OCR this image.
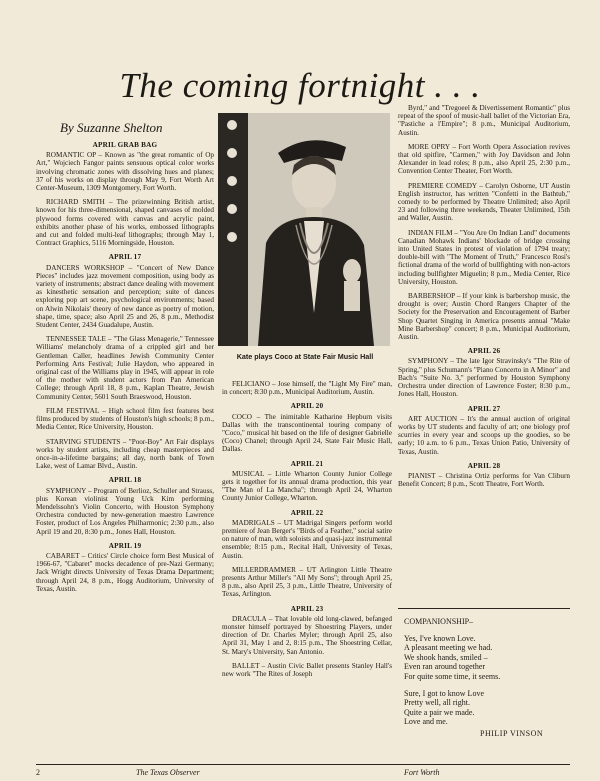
The coming fortnight . . .
By Suzanne Shelton
APRIL GRAB BAG
ROMANTIC OP – Known as "the great romantic of Op Art," Wojciech Fangor paints sensuous optical color works involving chromatic zones with dissolving hues and planes; 37 of his works on display through May 9, Fort Worth Art Center-Museum, 1309 Montgomery, Fort Worth.
RICHARD SMITH – The prizewinning British artist, known for his three-dimensional, shaped canvases of molded plywood forms covered with canvas and acrylic paint, exhibits another phase of his works, embossed lithographs and cut and folded multi-leaf lithographs; through May 1, Contract Graphics, 5116 Morningside, Houston.
APRIL 17
DANCERS WORKSHOP – "Concert of New Dance Pieces" includes jazz movement composition, using body as variety of instruments; abstract dance dealing with movement as kinesthetic sensation and perception; suite of dances exploring pop art scene, psychological environments; based on Alwin Nikolais' theory of new dance as poetry of motion, shape, time, space; also April 25 and 26, 8 p.m., Methodist Student Center, 2434 Guadalupe, Austin.
TENNESSEE TALE – "The Glass Menagerie," Tennessee Williams' melancholy drama of a crippled girl and her Gentleman Caller, headlines Jewish Community Center Performing Arts Festival; Julie Haydon, who appeared in original cast of the Williams play in 1945, will appear in role of the mother with student actors from Pan American College; through April 18, 8 p.m., Kaplan Theatre, Jewish Community Center, 5601 South Braeswood, Houston.
FILM FESTIVAL – High school film fest features best films produced by students of Houston's high schools; 8 p.m., Media Center, Rice University, Houston.
STARVING STUDENTS – "Poor-Boy" Art Fair displays works by student artists, including cheap masterpieces and once-in-a-lifetime bargains; all day, north bank of Town Lake, west of Lamar Blvd., Austin.
APRIL 18
SYMPHONY – Program of Berlioz, Schuller and Strauss, plus Korean violinist Young Uck Kim performing Mendelssohn's Violin Concerto, with Houston Symphony Orchestra conducted by new-generation maestro Lawrence Foster, product of Los Angeles Philharmonic; 2:30 p.m., also April 19 and 20, 8:30 p.m., Jones Hall, Houston.
APRIL 19
CABARET – Critics' Circle choice form Best Musical of 1966-67, "Cabaret" mocks decadence of pre-Nazi Germany; Jack Wright directs University of Texas Drama Department; through April 24, 8 p.m., Hogg Auditorium, University of Texas, Austin.
Kate plays Coco at State Fair Music Hall
FELICIANO – Jose himself, the "Light My Fire" man, in concert; 8:30 p.m., Municipal Auditorium, Austin.
APRIL 20
COCO – The inimitable Katharine Hepburn visits Dallas with the transcontinental touring company of "Coco," musical hit based on the life of designer Gabrielle (Coco) Chanel; through April 24, State Fair Music Hall, Dallas.
APRIL 21
MUSICAL – Little Wharton County Junior College gets it together for its annual drama production, this year "The Man of La Mancha"; through April 24, Wharton County Junior College, Wharton.
APRIL 22
MADRIGALS – UT Madrigal Singers perform world premiere of Jean Berger's "Birds of a Feather," social satire on nature of man, with soloists and quasi-jazz instrumental ensemble; 8:15 p.m., Recital Hall, University of Texas, Austin.
MILLERDRAMMER – UT Arlington Little Theatre presents Arthur Miller's "All My Sons"; through April 25, 8 p.m., also April 25, 3 p.m., Little Theatre, University of Texas, Arlington.
APRIL 23
DRACULA – That lovable old long-clawed, befanged monster himself portrayed by Shoestring Players, under direction of Dr. Charles Myler; through April 25, also April 31, May 1 and 2, 8:15 p.m., The Shoestring Cellar, St. Mary's University, San Antonio.
BALLET – Austin Civic Ballet presents Stanley Hall's new work "The Rites of Joseph
Byrd," and "Tregoeel & Divertissement Romantic" plus repeat of the spoof of music-hall ballet of the Victorian Era, "Pastiche a l'Empire"; 8 p.m., Municipal Auditorium, Austin.
MORE OPRY – Fort Worth Opera Association revives that old spitfire, "Carmen," with Joy Davidson and John Alexander in lead roles; 8 p.m., also April 25, 2:30 p.m., Convention Center Theater, Fort Worth.
PREMIERE COMEDY – Carolyn Osborne, UT Austin English instructor, has written "Confetti in the Bathtub," comedy to be performed by Theatre Unlimited; also April 23 and following three weekends, Theater Unlimited, 15th and Waller, Austin.
INDIAN FILM – "You Are On Indian Land" documents Canadian Mohawk Indians' blockade of bridge crossing into United States in protest of violation of 1794 treaty; double-bill with "The Moment of Truth," Francesco Rosi's fictional drama of the world of bullfighting with non-actors including bullfighter Miguelin; 8 p.m., Media Center, Rice University, Houston.
BARBERSHOP – If your kink is barbershop music, the drought is over; Austin Chord Rangers Chapter of the Society for the Preservation and Encouragement of Barber Shop Quartet Singing in America presents annual "Make Mine Barbershop" concert; 8 p.m., Municipal Auditorium, Austin.
APRIL 26
SYMPHONY – The late Igor Stravinsky's "The Rite of Spring," plus Schumann's "Piano Concerto in A Minor" and Bach's "Suite No. 3," performed by Houston Symphony Orchestra under direction of Lawrence Foster; 8:30 p.m., Jones Hall, Houston.
APRIL 27
ART AUCTION – It's the annual auction of original works by UT students and faculty of art; one biology prof scurries in every year and scoops up the goodies, so be early; 10 a.m. to 6 p.m., Texas Union Patio, University of Texas, Austin.
APRIL 28
PIANIST – Christina Ortiz performs for Van Cliburn Benefit Concert; 8 p.m., Scott Theatre, Fort Worth.
COMPANIONSHIP–
Yes, I've known Love.
A pleasant meeting we had.
We shook hands, smiled –
Even ran around together
For quite some time, it seems.
Sure, I got to know Love
Pretty well, all right.
Quite a pair we made.
Love and me.
PHILIP VINSON
2	The Texas Observer	Fort Worth
